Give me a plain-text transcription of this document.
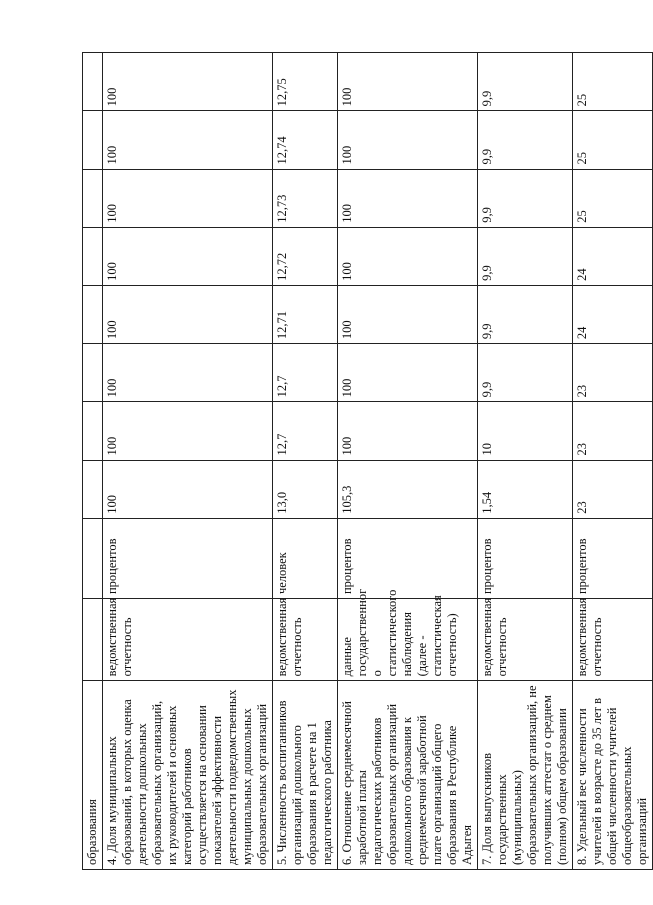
образования										
4. Доля муниципальных образований, в которых оценка деятельности дошкольных образовательных организаций, их руководителей и основных категорий работников осуществляется на основании показателей эффективности деятельности подведомственных муниципальных дошкольных образовательных организаций	ведомственная отчетность	процентов	100	100	100	100	100	100	100	100
5. Численность воспитанников организаций дошкольного образования в расчете на 1 педагогического работника	ведомственная отчетность	человек	13,0	12,7	12,7	12,71	12,72	12,73	12,74	12,75
6. Отношение среднемесячной заработной платы педагогических работников образовательных организаций дошкольного образования к среднемесячной заработной плате организаций общего образования в Республике Адыгея	данные государственног о статистического наблюдения (далее - статистическая отчетность)	процентов	105,3	100	100	100	100	100	100	100
7. Доля выпускников государственных (муниципальных) образовательных организаций, не получивших аттестат о среднем (полном) общем образовании	ведомственная отчетность	процентов	1,54	10	9,9	9,9	9,9	9,9	9,9	9,9
8. Удельный вес численности учителей в возрасте до 35 лет в общей численности учителей общеобразовательных организаций	ведомственная отчетность	процентов	23	23	23	24	24	25	25	25
